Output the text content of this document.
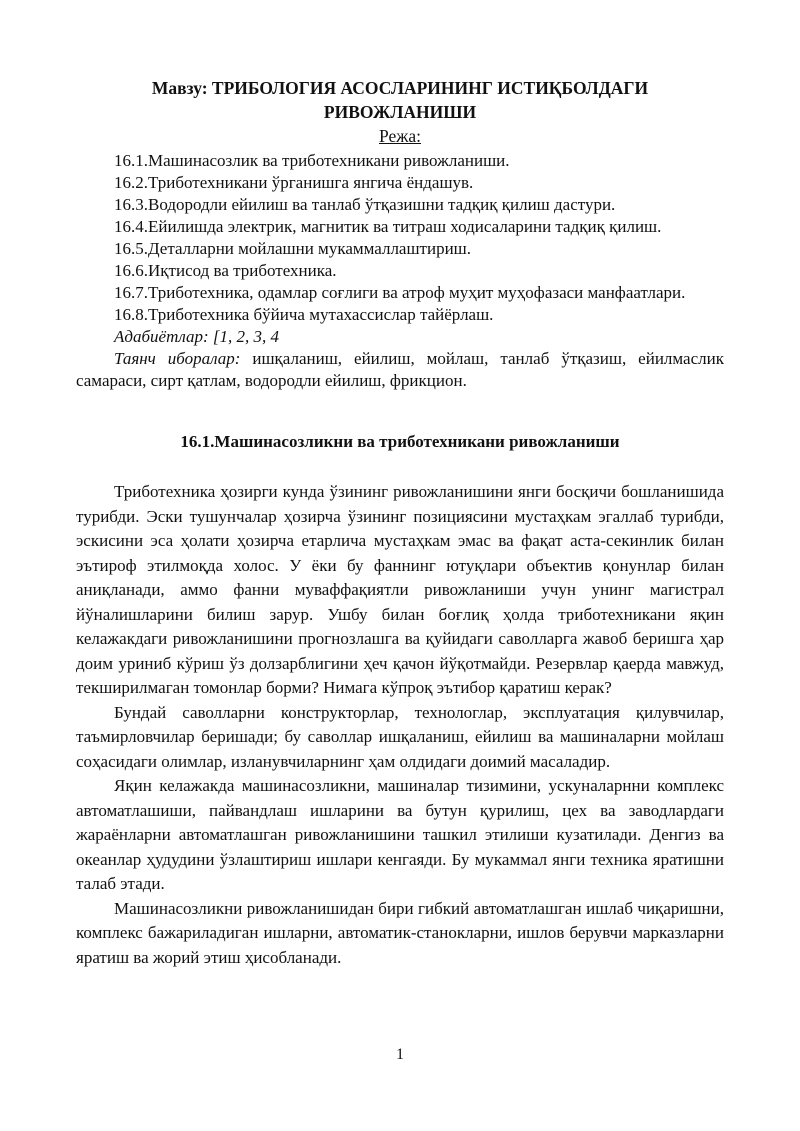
Мавзу: ТРИБОЛОГИЯ АСОСЛАРИНИНГ ИСТИҚБОЛДАГИ
РИВОЖЛАНИШИ
Режа:
16.1.Машинасозлик ва триботехникани ривожланиши.
16.2.Триботехникани ўрганишга янгича ёндашув.
16.3.Водородли ейилиш ва танлаб ўтқазишни тадқиқ қилиш дастури.
16.4.Ейилишда электрик, магнитик ва титраш ходисаларини тадқиқ қилиш.
16.5.Деталларни мойлашни мукаммаллаштириш.
16.6.Иқтисод ва триботехника.
16.7.Триботехника, одамлар соғлиги ва атроф муҳит муҳофазаси манфаатлари.
16.8.Триботехника бўйича мутахассислар тайёрлаш.
Адабиётлар: [1, 2, 3, 4
Таянч иборалар: ишқаланиш, ейилиш, мойлаш, танлаб ўтқазиш, ейилмаслик самараси, сирт қатлам, водородли ейилиш, фрикцион.
16.1.Машинасозликни ва триботехникани ривожланиши

Триботехника ҳозирги кунда ўзининг ривожланишини янги босқичи бошланишида турибди. Эски тушунчалар ҳозирча ўзининг позициясини мустаҳкам эгаллаб турибди, эскисини эса ҳолати ҳозирча етарлича мустаҳкам эмас ва фақат аста-секинлик билан эътироф этилмоқда холос. У ёки бу фаннинг ютуқлари объектив қонунлар билан аниқланади, аммо фанни муваффақиятли ривожланиши учун унинг магистрал йўналишларини билиш зарур. Ушбу билан боғлиқ ҳолда триботехникани яқин келажакдаги ривожланишини прогнозлашга ва қуйидаги саволларга жавоб беришга ҳар доим уриниб кўриш ўз долзарблигини ҳеч қачон йўқотмайди. Резервлар қаерда мавжуд, текширилмаган томонлар борми? Нимага кўпроқ эътибор қаратиш керак?

Бундай саволларни конструкторлар, технологлар, эксплуатация қилувчилар, таъмирловчилар беришади; бу саволлар ишқаланиш, ейилиш ва машиналарни мойлаш соҳасидаги олимлар, изланувчиларнинг ҳам олдидаги доимий масаладир.

Яқин келажакда машинасозликни, машиналар тизимини, ускуналарнни комплекс автоматлашиши, пайвандлаш ишларини ва бутун қурилиш, цех ва заводлардаги жараёнларни автоматлашган ривожланишини ташкил этилиши кузатилади. Денгиз ва океанлар ҳудудини ўзлаштириш ишлари кенгаяди. Бу мукаммал янги техника яратишни талаб этади.

Машинасозликни ривожланишидан бири гибкий автоматлашган ишлаб чиқаришни, комплекс бажариладиган ишларни, автоматик-станокларни, ишлов берувчи марказларни яратиш ва жорий этиш ҳисобланади.

1
